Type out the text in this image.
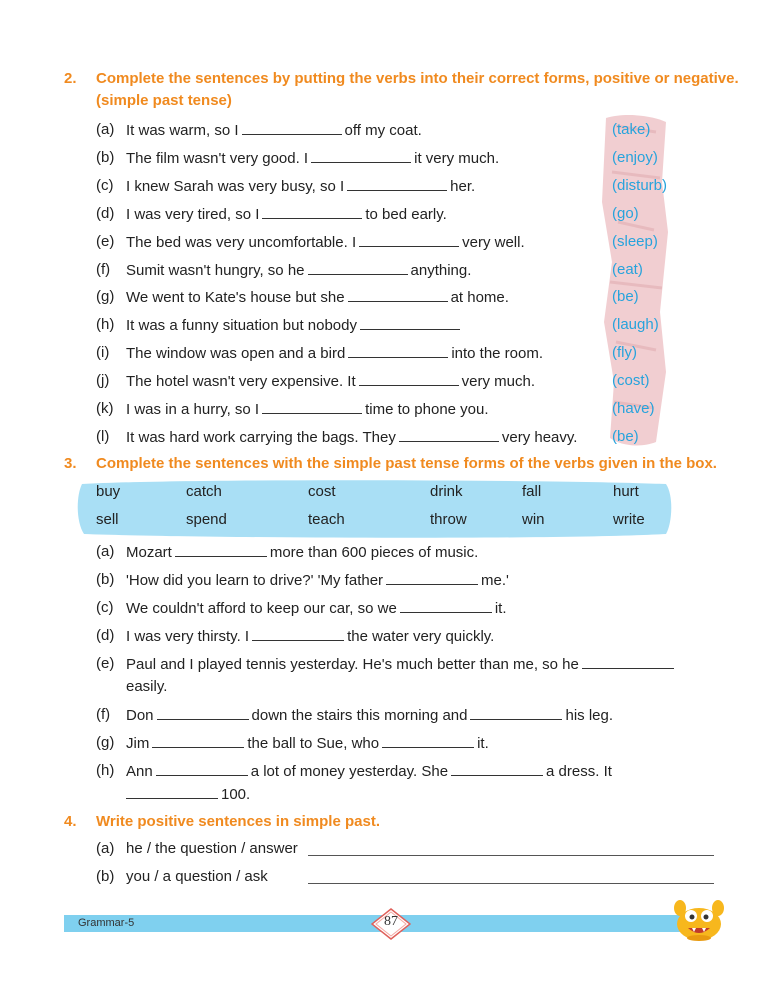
2. Complete the sentences by putting the verbs into their correct forms, positive or negative.
(simple past tense)
(a) It was warm, so I	off my coat.	(take)
(b) The film wasn't very good. I	it very much.	(enjoy)
(c) I knew Sarah was very busy, so I	her.	(disturb)
(d) I was very tired, so I	to bed early.	(go)
(e) The bed was very uncomfortable. I	very well.	(sleep)
(f) Sumit wasn't hungry, so he	anything.	(eat)
(g) We went to Kate's house but she	at home.	(be)
(h) It was a funny situation but nobody	(laugh)
(i) The window was open and a bird	into the room.	(fly)
(j) The hotel wasn't very expensive. It	very much.	(cost)
(k) I was in a hurry, so I	time to phone you.	(have)
(l) It was hard work carrying the bags. They	very heavy. (be)
3. Complete the sentences with the simple past tense forms of the verbs given in the box.
buy	catch	cost	drink	fall	hurt
sell	spend	teach	throw	win	write
(a) Mozart	more than 600 pieces of music.
(b) 'How did you learn to drive?' 'My father	me.'
(c) We couldn't afford to keep our car, so we	it.
(d) I was very thirsty. I	the water very quickly.
(e) Paul and I played tennis yesterday. He's much better than me, so he
easily.
(f) Don	down the stairs this morning and	his leg.
(g) Jim	the ball to Sue, who	it.
(h) Ann	a lot of money yesterday. She	a dress. It
100.
4. Write positive sentences in simple past.
(a) he / the question / answer
(b) you / a question / ask
Grammar-5	87
